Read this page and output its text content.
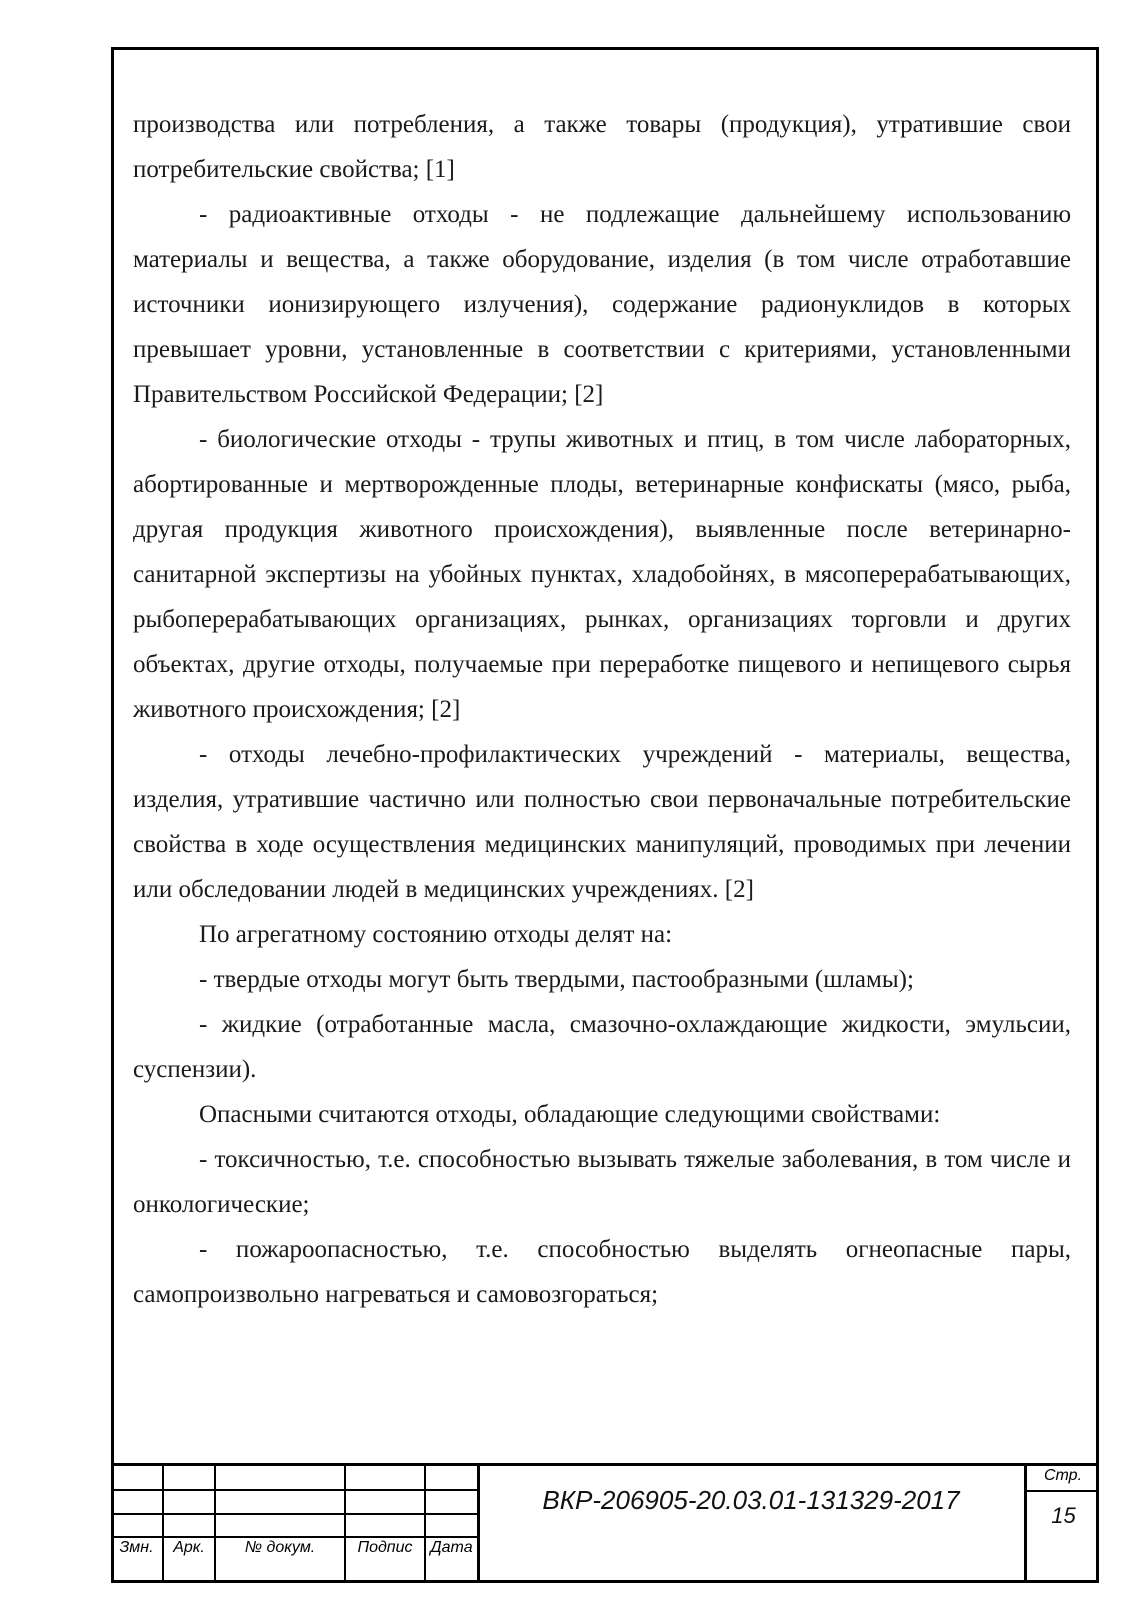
производства или потребления, а также товары (продукция), утратившие свои потребительские свойства; [1]

- радиоактивные отходы - не подлежащие дальнейшему использованию материалы и вещества, а также оборудование, изделия (в том числе отработавшие источники ионизирующего излучения), содержание радионуклидов в которых превышает уровни, установленные в соответствии с критериями, установленными Правительством Российской Федерации; [2]

- биологические отходы - трупы животных и птиц, в том числе лабораторных, абортированные и мертворожденные плоды, ветеринарные конфискаты (мясо, рыба, другая продукция животного происхождения), выявленные после ветеринарно-санитарной экспертизы на убойных пунктах, хладобойнях, в мясоперерабатывающих, рыбоперерабатывающих организациях, рынках, организациях торговли и других объектах, другие отходы, получаемые при переработке пищевого и непищевого сырья животного происхождения; [2]

- отходы лечебно-профилактических учреждений - материалы, вещества, изделия, утратившие частично или полностью свои первоначальные потребительские свойства в ходе осуществления медицинских манипуляций, проводимых при лечении или обследовании людей в медицинских учреждениях. [2]

По агрегатному состоянию отходы делят на:

- твердые отходы могут быть твердыми, пастообразными (шламы);

- жидкие (отработанные масла, смазочно-охлаждающие жидкости, эмульсии, суспензии).

Опасными считаются отходы, обладающие следующими свойствами:

- токсичностью, т.е. способностью вызывать тяжелые заболевания, в том числе и онкологические;

- пожароопасностью, т.е. способностью выделять огнеопасные пары, самопроизвольно нагреваться и самовозгораться;

Змн.	Арк.	№ докум.	Подпис	Дата
ВКР-206905-20.03.01-131329-2017
Стр.
15
